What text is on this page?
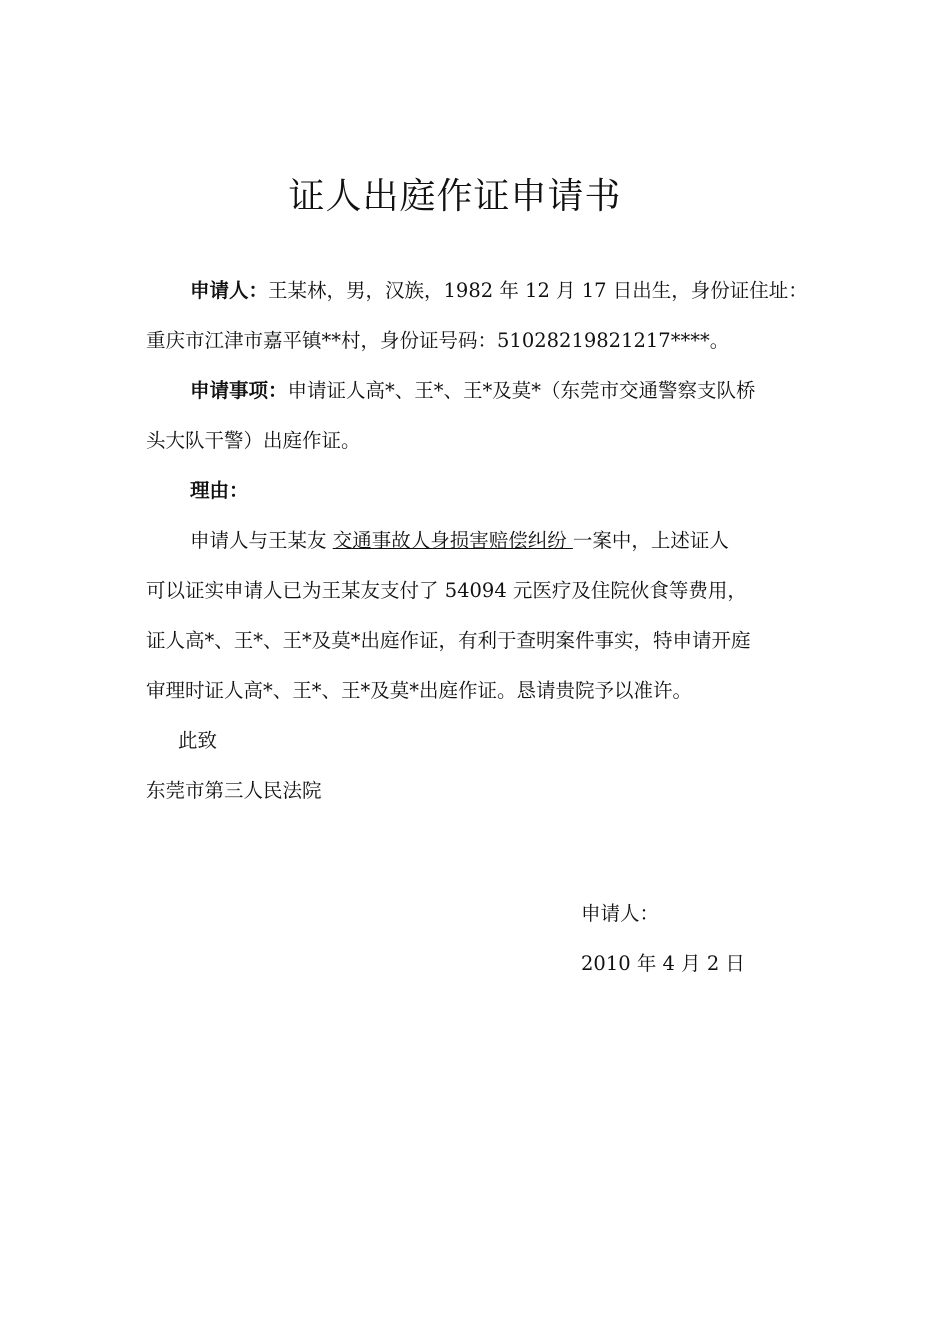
证人出庭作证申请书
申请人：王某林，男，汉族，1982 年 12 月 17 日出生，身份证住址：
重庆市江津市嘉平镇**村，身份证号码：51028219821217****。
申请事项：申请证人高*、王*、王*及莫*（东莞市交通警察支队桥
头大队干警）出庭作证。
理由：
申请人与王某友 交通事故人身损害赔偿纠纷 一案中，上述证人
可以证实申请人已为王某友支付了 54094 元医疗及住院伙食等费用，
证人高*、王*、王*及莫*出庭作证，有利于查明案件事实，特申请开庭
审理时证人高*、王*、王*及莫*出庭作证。恳请贵院予以准许。
此致
东莞市第三人民法院
申请人：
2010 年 4 月 2 日
